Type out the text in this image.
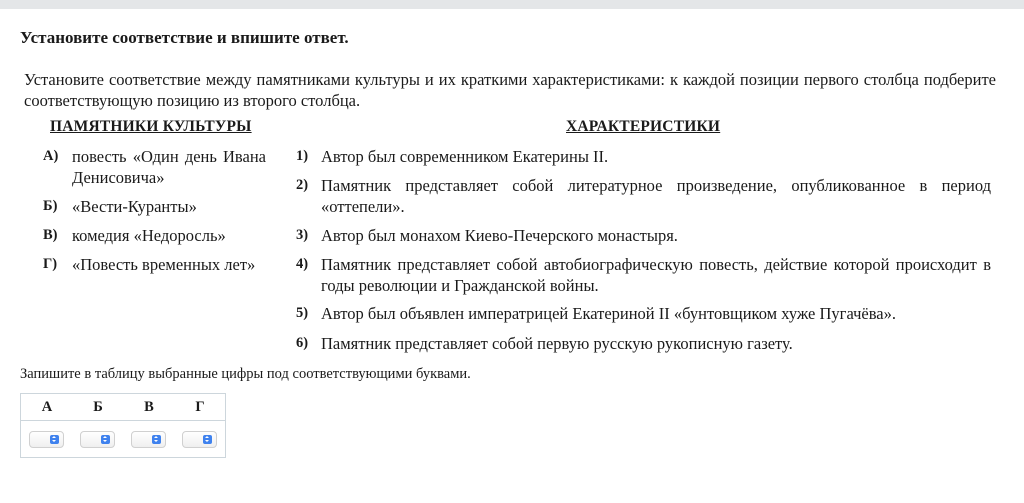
Установите соответствие и впишите ответ.
Установите соответствие между памятниками культуры и их краткими характеристиками: к каждой позиции первого столбца подберите соответствующую позицию из второго столбца.
ПАМЯТНИКИ КУЛЬТУРЫ	ХАРАКТЕРИСТИКИ
А) повесть «Один день Ивана Денисовича»
Б) «Вести-Куранты»
В) комедия «Недоросль»
Г) «Повесть временных лет»
1) Автор был современником Екатерины II.
2) Памятник представляет собой литературное произведение, опубликованное в период «оттепели».
3) Автор был монахом Киево-Печерского монастыря.
4) Памятник представляет собой автобиографическую повесть, действие которой происходит в годы революции и Гражданской войны.
5) Автор был объявлен императрицей Екатериной II «бунтовщиком хуже Пугачёва».
6) Памятник представляет собой первую русскую рукописную газету.
Запишите в таблицу выбранные цифры под соответствующими буквами.
А	Б	В	Г
